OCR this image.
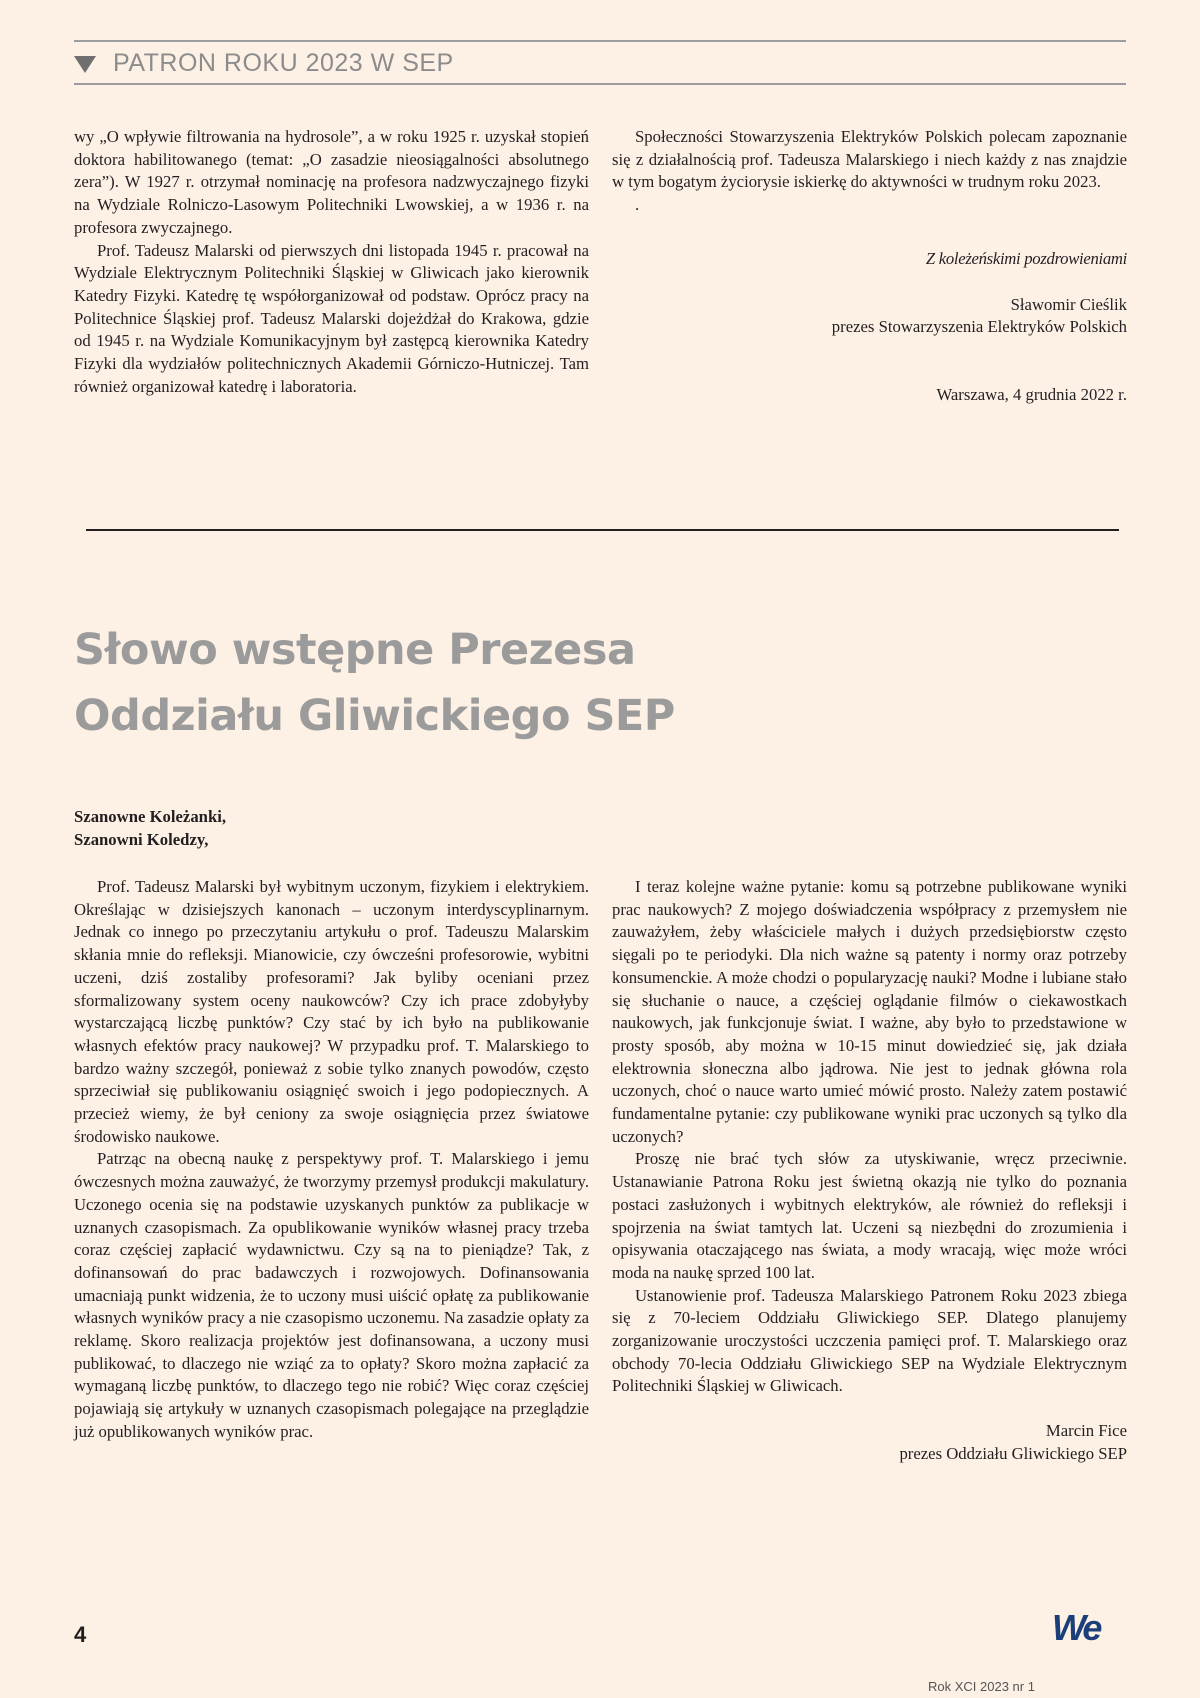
PATRON ROKU 2023 W SEP

wy „O wpływie filtrowania na hydrosole”, a w roku 1925 r. uzyskał stopień doktora habilitowanego (temat: „O zasadzie nieosiągalności absolutnego zera”). W 1927 r. otrzymał nominację na profesora nadzwyczajnego fizyki na Wydziale Rolniczo-Lasowym Politechniki Lwowskiej, a w 1936 r. na profesora zwyczajnego.

Prof. Tadeusz Malarski od pierwszych dni listopada 1945 r. pracował na Wydziale Elektrycznym Politechniki Śląskiej w Gliwicach jako kierownik Katedry Fizyki. Katedrę tę współorganizował od podstaw. Oprócz pracy na Politechnice Śląskiej prof. Tadeusz Malarski dojeżdżał do Krakowa, gdzie od 1945 r. na Wydziale Komunikacyjnym był zastępcą kierownika Katedry Fizyki dla wydziałów politechnicznych Akademii Górniczo-Hutniczej. Tam również organizował katedrę i laboratoria.

Społeczności Stowarzyszenia Elektryków Polskich polecam zapoznanie się z działalnością prof. Tadeusza Malarskiego i niech każdy z nas znajdzie w tym bogatym życiorysie iskierkę do aktywności w trudnym roku 2023.

.

Z koleżeńskimi pozdrowieniami

Sławomir Cieślik

prezes Stowarzyszenia Elektryków Polskich

Warszawa, 4 grudnia 2022 r.

Słowo wstępne Prezesa
Oddziału Gliwickiego SEP
Szanowne Koleżanki,
Szanowni Koledzy,

Prof. Tadeusz Malarski był wybitnym uczonym, fizykiem i elektrykiem. Określając w dzisiejszych kanonach – uczonym interdyscyplinarnym. Jednak co innego po przeczytaniu artykułu o prof. Tadeuszu Malarskim skłania mnie do refleksji. Mianowicie, czy ówcześni profesorowie, wybitni uczeni, dziś zostaliby profesorami? Jak byliby oceniani przez sformalizowany system oceny naukowców? Czy ich prace zdobyłyby wystarczającą liczbę punktów? Czy stać by ich było na publikowanie własnych efektów pracy naukowej? W przypadku prof. T. Malarskiego to bardzo ważny szczegół, ponieważ z sobie tylko znanych powodów, często sprzeciwiał się publikowaniu osiągnięć swoich i jego podopiecznych. A przecież wiemy, że był ceniony za swoje osiągnięcia przez światowe środowisko naukowe.

Patrząc na obecną naukę z perspektywy prof. T. Malarskiego i jemu ówczesnych można zauważyć, że tworzymy przemysł produkcji makulatury. Uczonego ocenia się na podstawie uzyskanych punktów za publikacje w uznanych czasopismach. Za opublikowanie wyników własnej pracy trzeba coraz częściej zapłacić wydawnictwu. Czy są na to pieniądze? Tak, z dofinansowań do prac badawczych i rozwojowych. Dofinansowania umacniają punkt widzenia, że to uczony musi uiścić opłatę za publikowanie własnych wyników pracy a nie czasopismo uczonemu. Na zasadzie opłaty za reklamę. Skoro realizacja projektów jest dofinansowana, a uczony musi publikować, to dlaczego nie wziąć za to opłaty? Skoro można zapłacić za wymaganą liczbę punktów, to dlaczego tego nie robić? Więc coraz częściej pojawiają się artykuły w uznanych czasopismach polegające na przeglądzie już opublikowanych wyników prac.

I teraz kolejne ważne pytanie: komu są potrzebne publikowane wyniki prac naukowych? Z mojego doświadczenia współpracy z przemysłem nie zauważyłem, żeby właściciele małych i dużych przedsiębiorstw często sięgali po te periodyki. Dla nich ważne są patenty i normy oraz potrzeby konsumenckie. A może chodzi o popularyzację nauki? Modne i lubiane stało się słuchanie o nauce, a częściej oglądanie filmów o ciekawostkach naukowych, jak funkcjonuje świat. I ważne, aby było to przedstawione w prosty sposób, aby można w 10-15 minut dowiedzieć się, jak działa elektrownia słoneczna albo jądrowa. Nie jest to jednak główna rola uczonych, choć o nauce warto umieć mówić prosto. Należy zatem postawić fundamentalne pytanie: czy publikowane wyniki prac uczonych są tylko dla uczonych?

Proszę nie brać tych słów za utyskiwanie, wręcz przeciwnie. Ustanawianie Patrona Roku jest świetną okazją nie tylko do poznania postaci zasłużonych i wybitnych elektryków, ale również do refleksji i spojrzenia na świat tamtych lat. Uczeni są niezbędni do zrozumienia i opisywania otaczającego nas świata, a mody wracają, więc może wróci moda na naukę sprzed 100 lat.

Ustanowienie prof. Tadeusza Malarskiego Patronem Roku 2023 zbiega się z 70-leciem Oddziału Gliwickiego SEP. Dlatego planujemy zorganizowanie uroczystości uczczenia pamięci prof. T. Malarskiego oraz obchody 70-lecia Oddziału Gliwickiego SEP na Wydziale Elektrycznym Politechniki Śląskiej w Gliwicach.

Marcin Fice

prezes Oddziału Gliwickiego SEP

4	We
Rok XCI 2023 nr 1
